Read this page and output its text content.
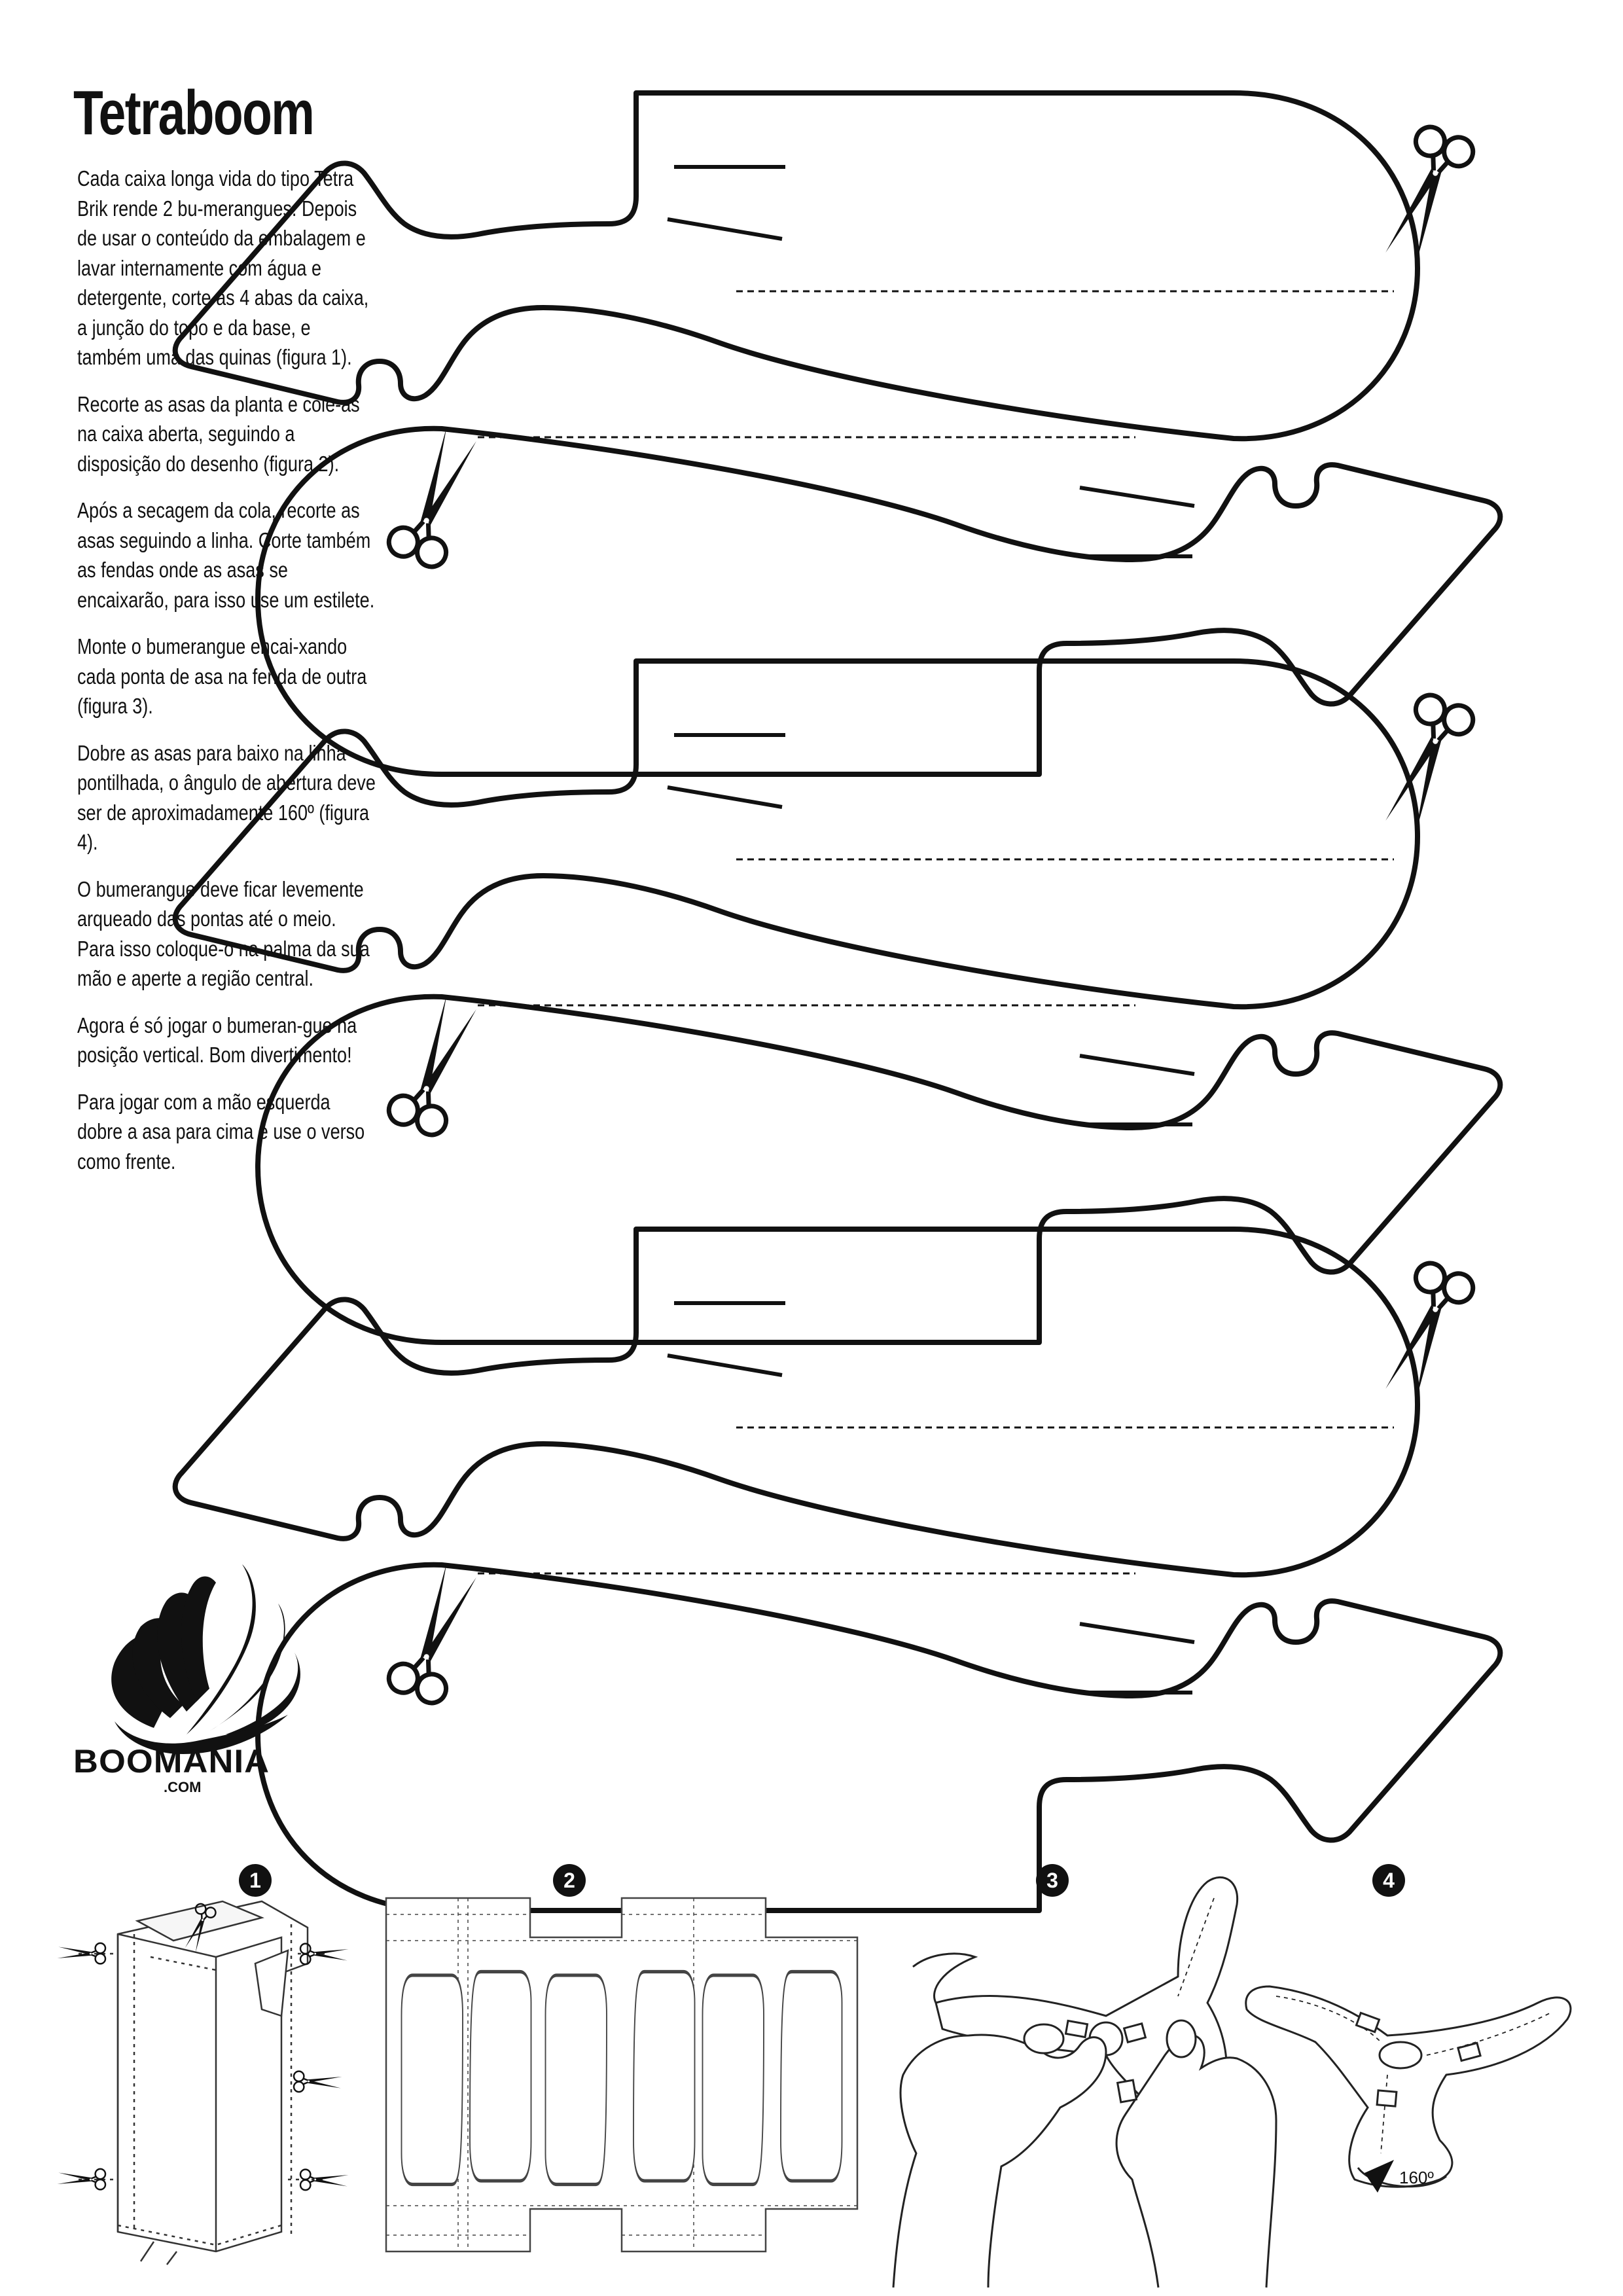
Tetraboom

Cada caixa longa vida do tipo Tetra Brik rende 2 bu-merangues. Depois de usar o conteúdo da embalagem e lavar internamente com água e detergente, corte as 4 abas da caixa, a junção do topo e da base, e também uma das quinas (figura 1).

Recorte as asas da planta e cole-as na caixa aberta, seguindo a disposição do desenho (figura 2).

Após a secagem da cola, recorte as asas seguindo a linha. Corte também as fendas onde as asas se encaixarão, para isso use um estilete.

Monte o bumerangue encai-xando cada ponta de asa na fenda de outra (figura 3).

Dobre as asas para baixo na linha pontilhada, o ângulo de abertura deve ser de aproximadamente 160º (figura 4).

O bumerangue deve ficar levemente arqueado das pontas até o meio. Para isso coloque-o na palma da sua mão e aperte a região central.

Agora é só jogar o bumeran-gue na posição vertical. Bom divertimento!

Para jogar com a mão esquerda dobre a asa para cima e use o verso como frente.

BOOMANIA
.COM
1	2	3	4
160º
